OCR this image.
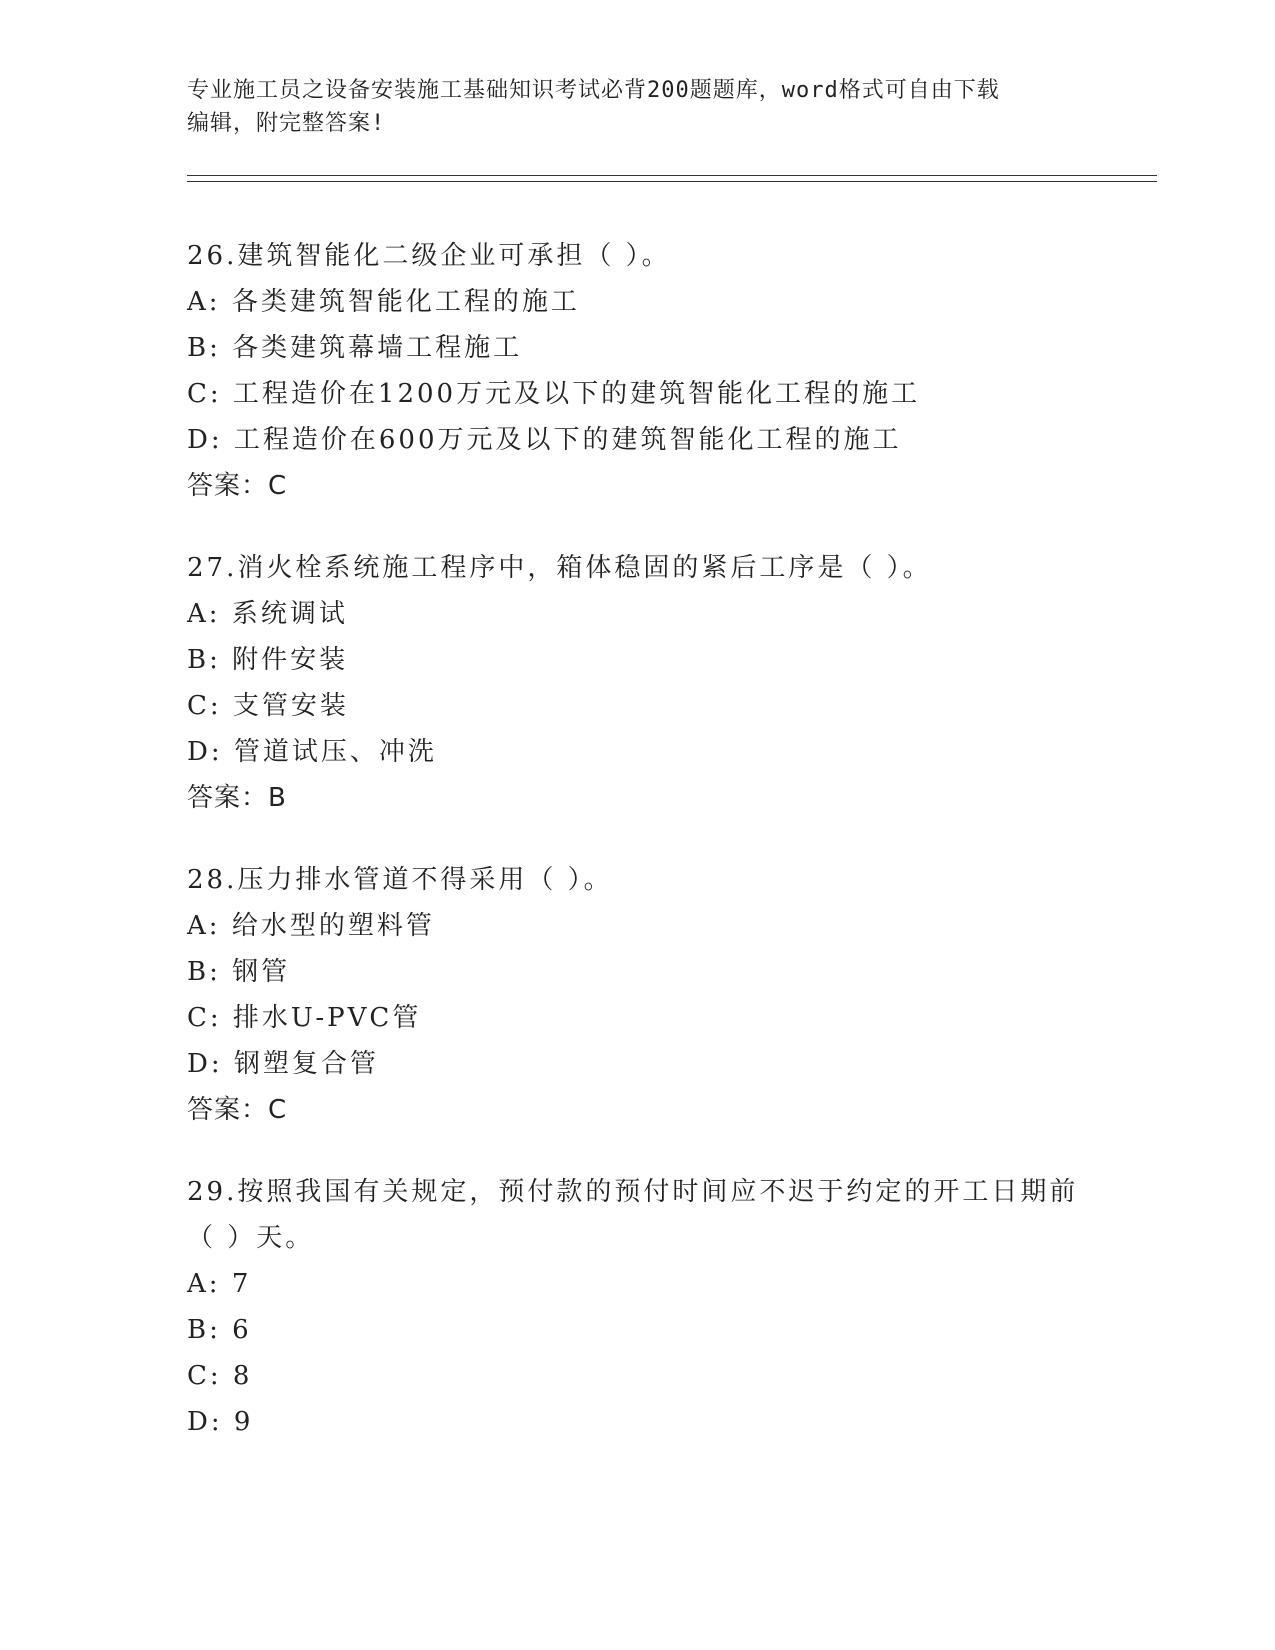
专业施工员之设备安装施工基础知识考试必背200题题库，word格式可自由下载
编辑，附完整答案!
26.建筑智能化二级企业可承担（ ）。
A: 各类建筑智能化工程的施工
B: 各类建筑幕墙工程施工
C: 工程造价在1200万元及以下的建筑智能化工程的施工
D: 工程造价在600万元及以下的建筑智能化工程的施工
答案：C
27.消火栓系统施工程序中，箱体稳固的紧后工序是（ ）。
A: 系统调试
B: 附件安装
C: 支管安装
D: 管道试压、冲洗
答案：B
28.压力排水管道不得采用（ ）。
A: 给水型的塑料管
B: 钢管
C: 排水U-PVC管
D: 钢塑复合管
答案：C
29.按照我国有关规定，预付款的预付时间应不迟于约定的开工日期前
（ ）天。
A: 7
B: 6
C: 8
D: 9
